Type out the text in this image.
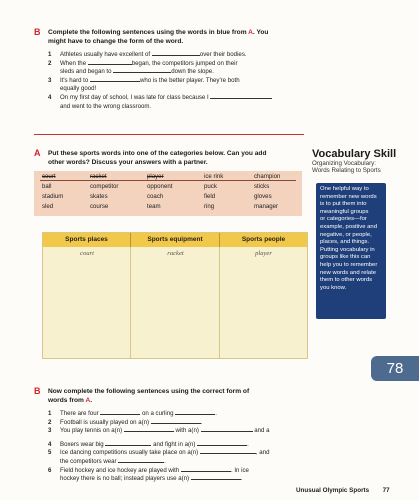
B Complete the following sentences using the words in blue from A. You
might have to change the form of the word.
1 Athletes usually have excellent of	over their bodies.
2 When the	began, the competitors jumped on their
sleds and began to	down the slope.
3 It's hard to	who is the better player. They're both
equally good!
4 On my first day of school, I was late for class because I
and went to the wrong classroom.
A Put these sports words into one of the categories below. Can you add
other words? Discuss your answers with a partner.
court	racket	player	ice rink	champion
ball	competitor	opponent	puck	sticks
stadium	skates	coach	field	gloves
sled	course	team	ring	manager
Sports places	Sports equipment	Sports people
court	racket	player
Vocabulary Skill
Organizing Vocabulary:
Words Relating to Sports
One helpful way to
remember new words
is to put them into
meaningful groups
or categories—for
example, positive and
negative, or people,
places, and things.
Putting vocabulary in
groups like this can
help you to remember
new words and relate
them to other words
you know.
78
B Now complete the following sentences using the correct form of
words from A.
1 There are four	on a curling	.
2 Football is usually played on a(n)	.
3 You play tennis on a(n)	with a(n)	and a
4 Boxers wear big	and fight in a(n)	.
5 Ice dancing competitions usually take place on a(n)	, and
the competitors wear	.
6 Field hockey and ice hockey are played with	. In ice
hockey there is no ball; instead players use a(n)	.
Unusual Olympic Sports 77
